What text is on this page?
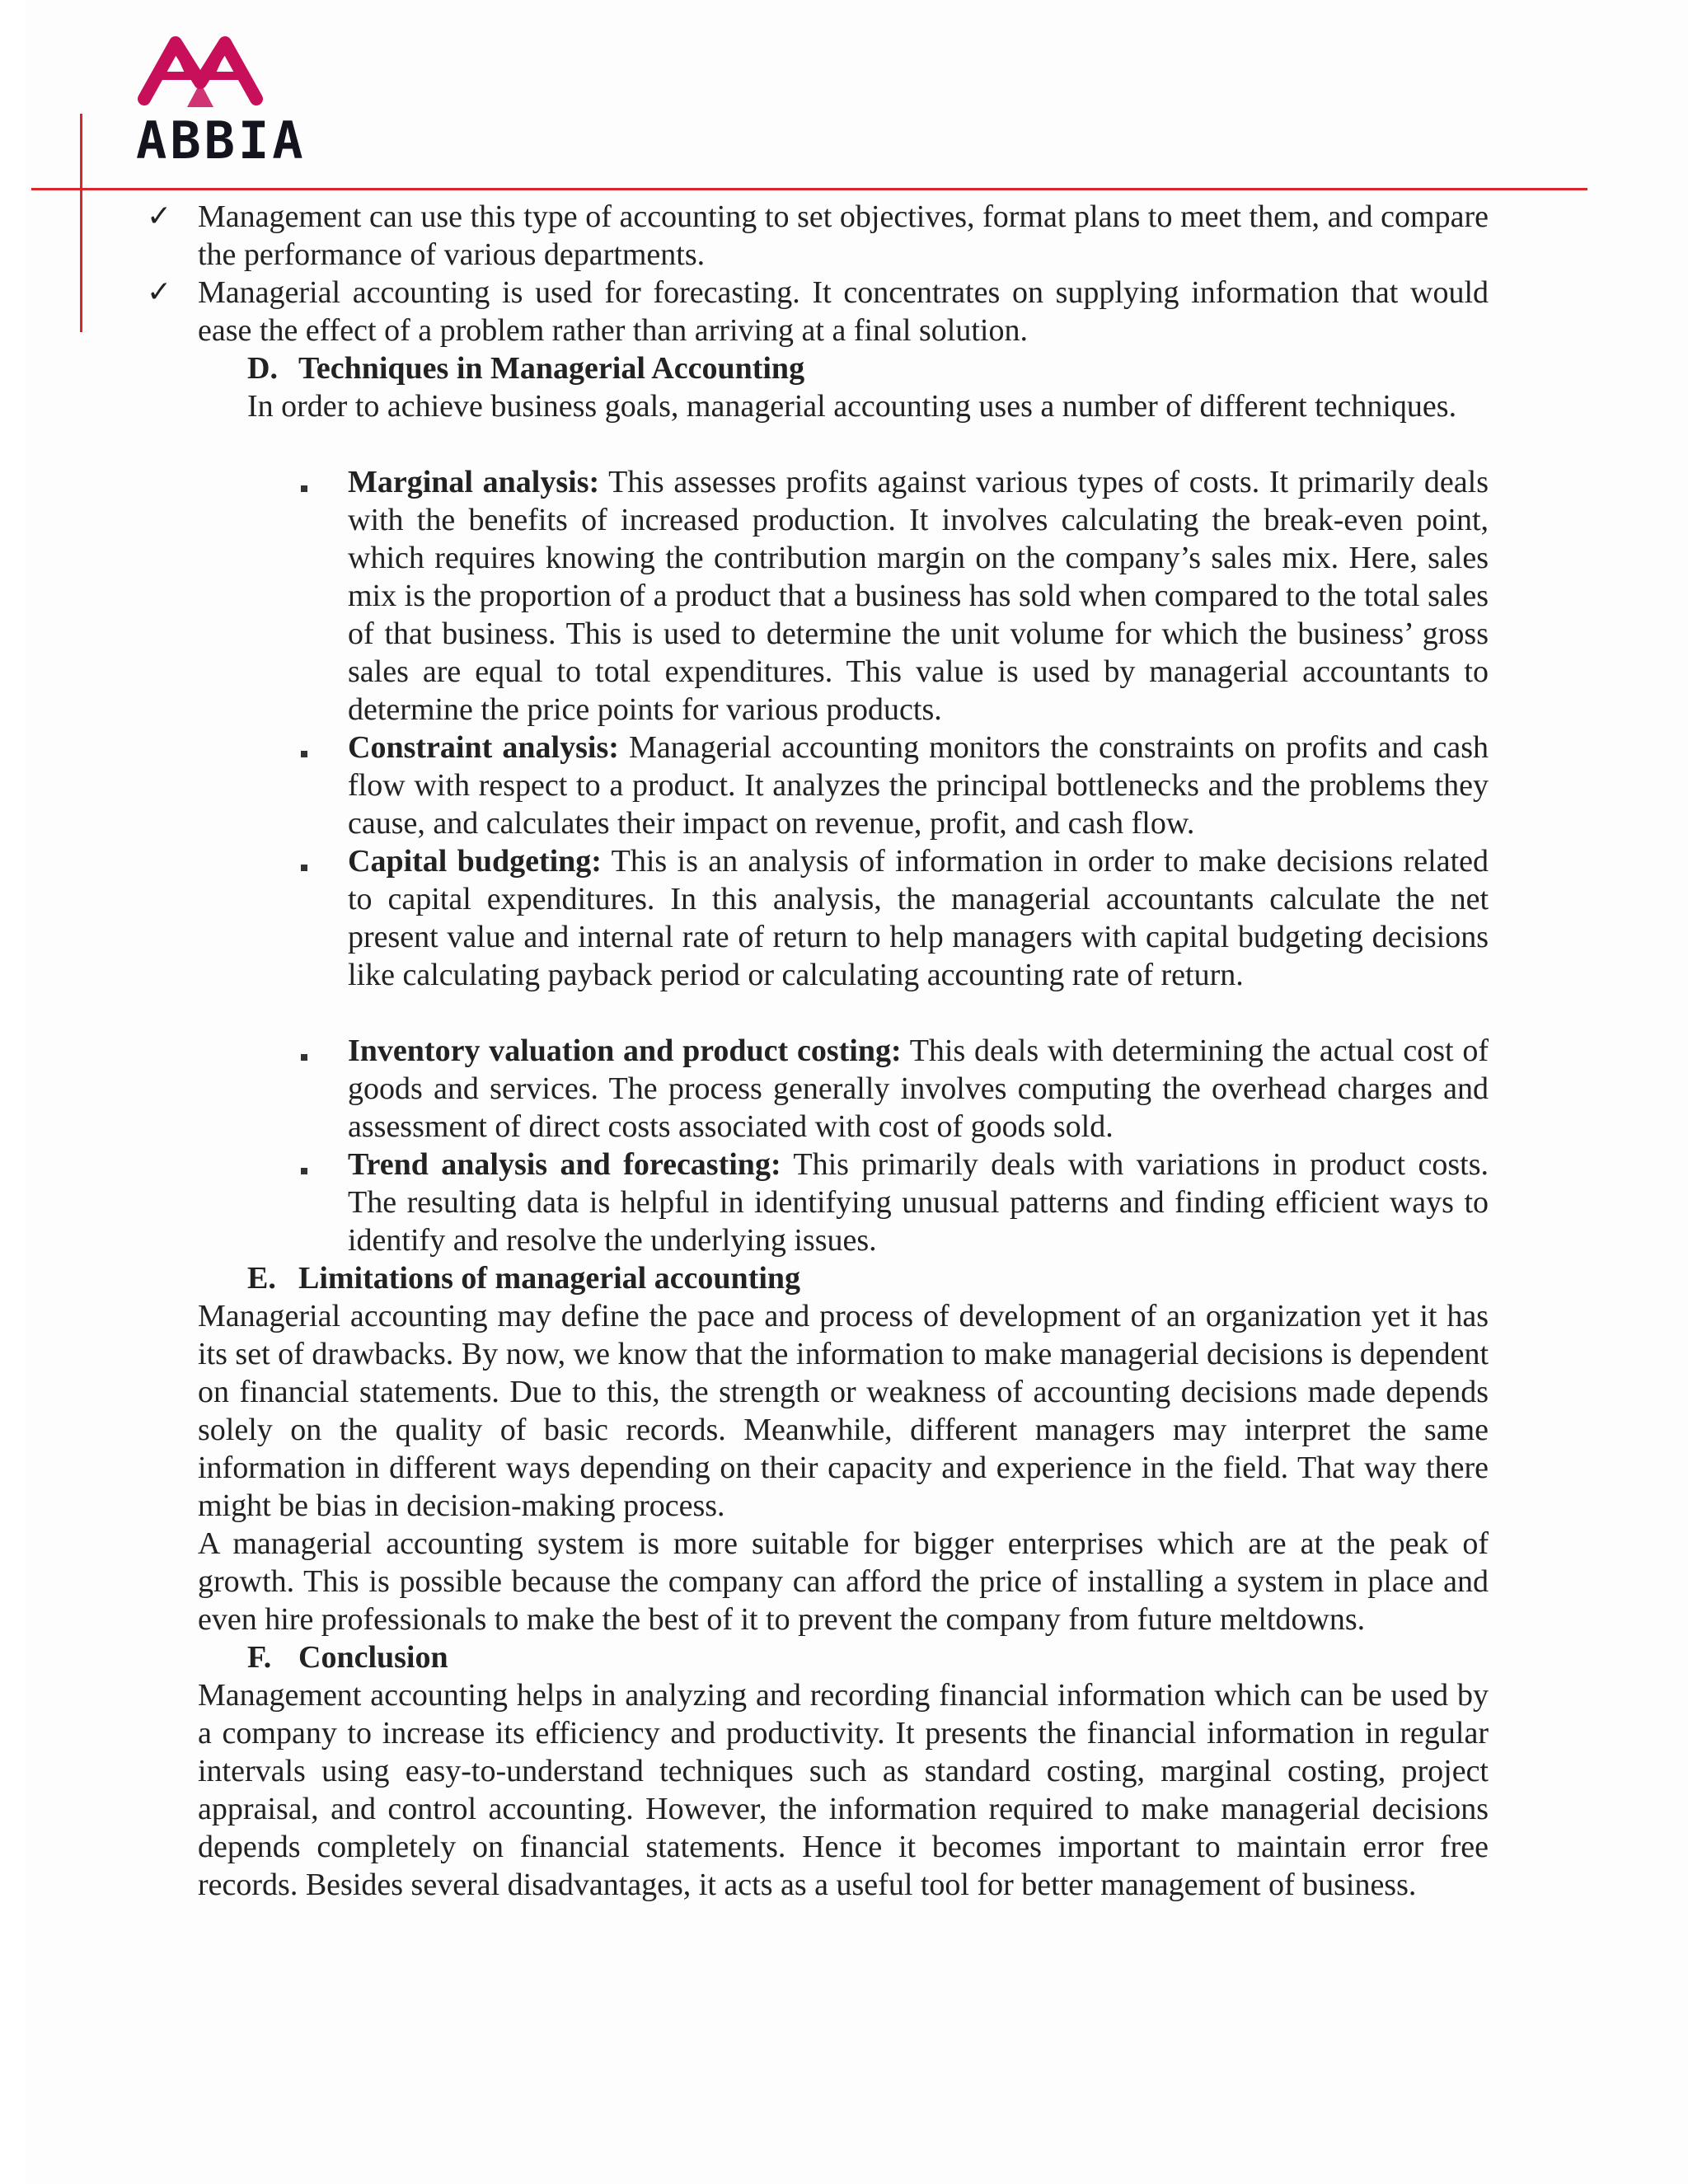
ABBIA
✓ Management can use this type of accounting to set objectives, format plans to meet them, and compare the performance of various departments.
✓ Managerial accounting is used for forecasting. It concentrates on supplying information that would ease the effect of a problem rather than arriving at a final solution.
D. Techniques in Managerial Accounting
In order to achieve business goals, managerial accounting uses a number of different techniques.
Marginal analysis: This assesses profits against various types of costs. It primarily deals with the benefits of increased production. It involves calculating the break-even point, which requires knowing the contribution margin on the company’s sales mix. Here, sales mix is the proportion of a product that a business has sold when compared to the total sales of that business. This is used to determine the unit volume for which the business’ gross sales are equal to total expenditures. This value is used by managerial accountants to determine the price points for various products.
Constraint analysis: Managerial accounting monitors the constraints on profits and cash flow with respect to a product. It analyzes the principal bottlenecks and the problems they cause, and calculates their impact on revenue, profit, and cash flow.
Capital budgeting: This is an analysis of information in order to make decisions related to capital expenditures. In this analysis, the managerial accountants calculate the net present value and internal rate of return to help managers with capital budgeting decisions like calculating payback period or calculating accounting rate of return.
Inventory valuation and product costing: This deals with determining the actual cost of goods and services. The process generally involves computing the overhead charges and assessment of direct costs associated with cost of goods sold.
Trend analysis and forecasting: This primarily deals with variations in product costs. The resulting data is helpful in identifying unusual patterns and finding efficient ways to identify and resolve the underlying issues.
E. Limitations of managerial accounting
Managerial accounting may define the pace and process of development of an organization yet it has its set of drawbacks. By now, we know that the information to make managerial decisions is dependent on financial statements. Due to this, the strength or weakness of accounting decisions made depends solely on the quality of basic records. Meanwhile, different managers may interpret the same information in different ways depending on their capacity and experience in the field. That way there might be bias in decision-making process.
A managerial accounting system is more suitable for bigger enterprises which are at the peak of growth. This is possible because the company can afford the price of installing a system in place and even hire professionals to make the best of it to prevent the company from future meltdowns.
F. Conclusion
Management accounting helps in analyzing and recording financial information which can be used by a company to increase its efficiency and productivity. It presents the financial information in regular intervals using easy-to-understand techniques such as standard costing, marginal costing, project appraisal, and control accounting. However, the information required to make managerial decisions depends completely on financial statements. Hence it becomes important to maintain error free records. Besides several disadvantages, it acts as a useful tool for better management of business.
